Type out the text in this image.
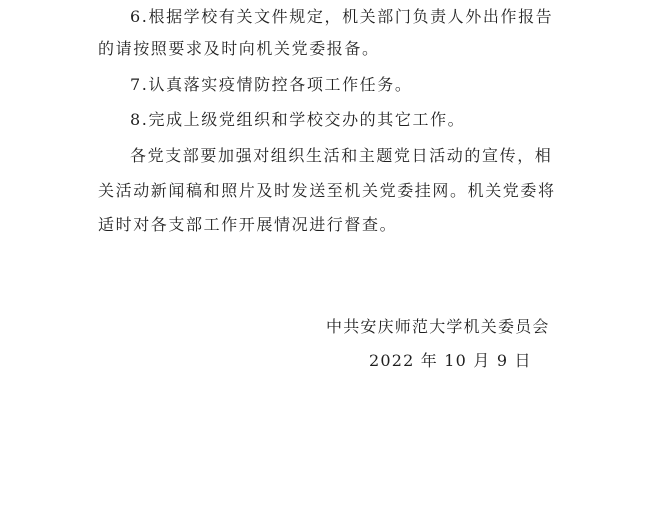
6.根据学校有关文件规定，机关部门负责人外出作报告
的请按照要求及时向机关党委报备。
7.认真落实疫情防控各项工作任务。
8.完成上级党组织和学校交办的其它工作。
各党支部要加强对组织生活和主题党日活动的宣传，相
关活动新闻稿和照片及时发送至机关党委挂网。机关党委将
适时对各支部工作开展情况进行督查。
中共安庆师范大学机关委员会
2022 年 10 月 9 日
